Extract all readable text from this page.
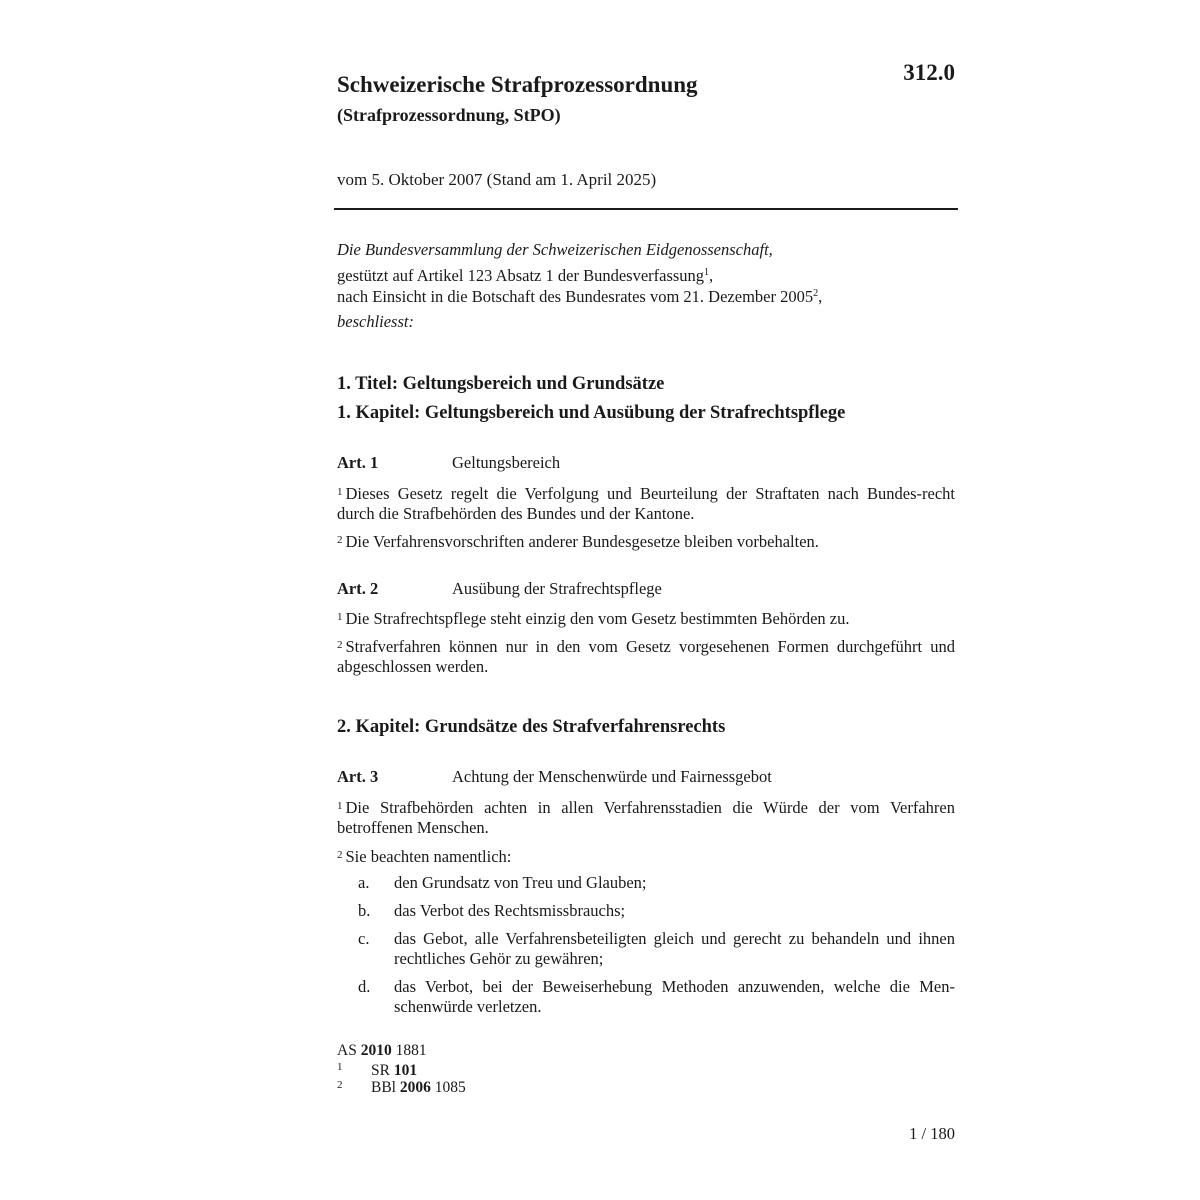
312.0
Schweizerische Strafprozessordnung
(Strafprozessordnung, StPO)
vom 5. Oktober 2007 (Stand am 1. April 2025)
Die Bundesversammlung der Schweizerischen Eidgenossenschaft,
gestützt auf Artikel 123 Absatz 1 der Bundesverfassung$^1$,
nach Einsicht in die Botschaft des Bundesrates vom 21. Dezember 2005$^2$,
beschliesst:
1. Titel: Geltungsbereich und Grundsätze
1. Kapitel: Geltungsbereich und Ausübung der Strafrechtspflege
Art. 1	Geltungsbereich
$^1$ Dieses Gesetz regelt die Verfolgung und Beurteilung der Straftaten nach Bundes-recht durch die Strafbehörden des Bundes und der Kantone.
$^2$ Die Verfahrensvorschriften anderer Bundesgesetze bleiben vorbehalten.
Art. 2	Ausübung der Strafrechtspflege
$^1$ Die Strafrechtspflege steht einzig den vom Gesetz bestimmten Behörden zu.
$^2$ Strafverfahren können nur in den vom Gesetz vorgesehenen Formen durchgeführt und abgeschlossen werden.
2. Kapitel: Grundsätze des Strafverfahrensrechts
Art. 3	Achtung der Menschenwürde und Fairnessgebot
$^1$ Die Strafbehörden achten in allen Verfahrensstadien die Würde der vom Verfahren betroffenen Menschen.
$^2$ Sie beachten namentlich:
a. den Grundsatz von Treu und Glauben;
b. das Verbot des Rechtsmissbrauchs;
c. das Gebot, alle Verfahrensbeteiligten gleich und gerecht zu behandeln und ihnen rechtliches Gehör zu gewähren;
d. das Verbot, bei der Beweiserhebung Methoden anzuwenden, welche die Men-schenwürde verletzen.
AS 2010 1881
1 SR 101
2 BBl 2006 1085
1 / 180
